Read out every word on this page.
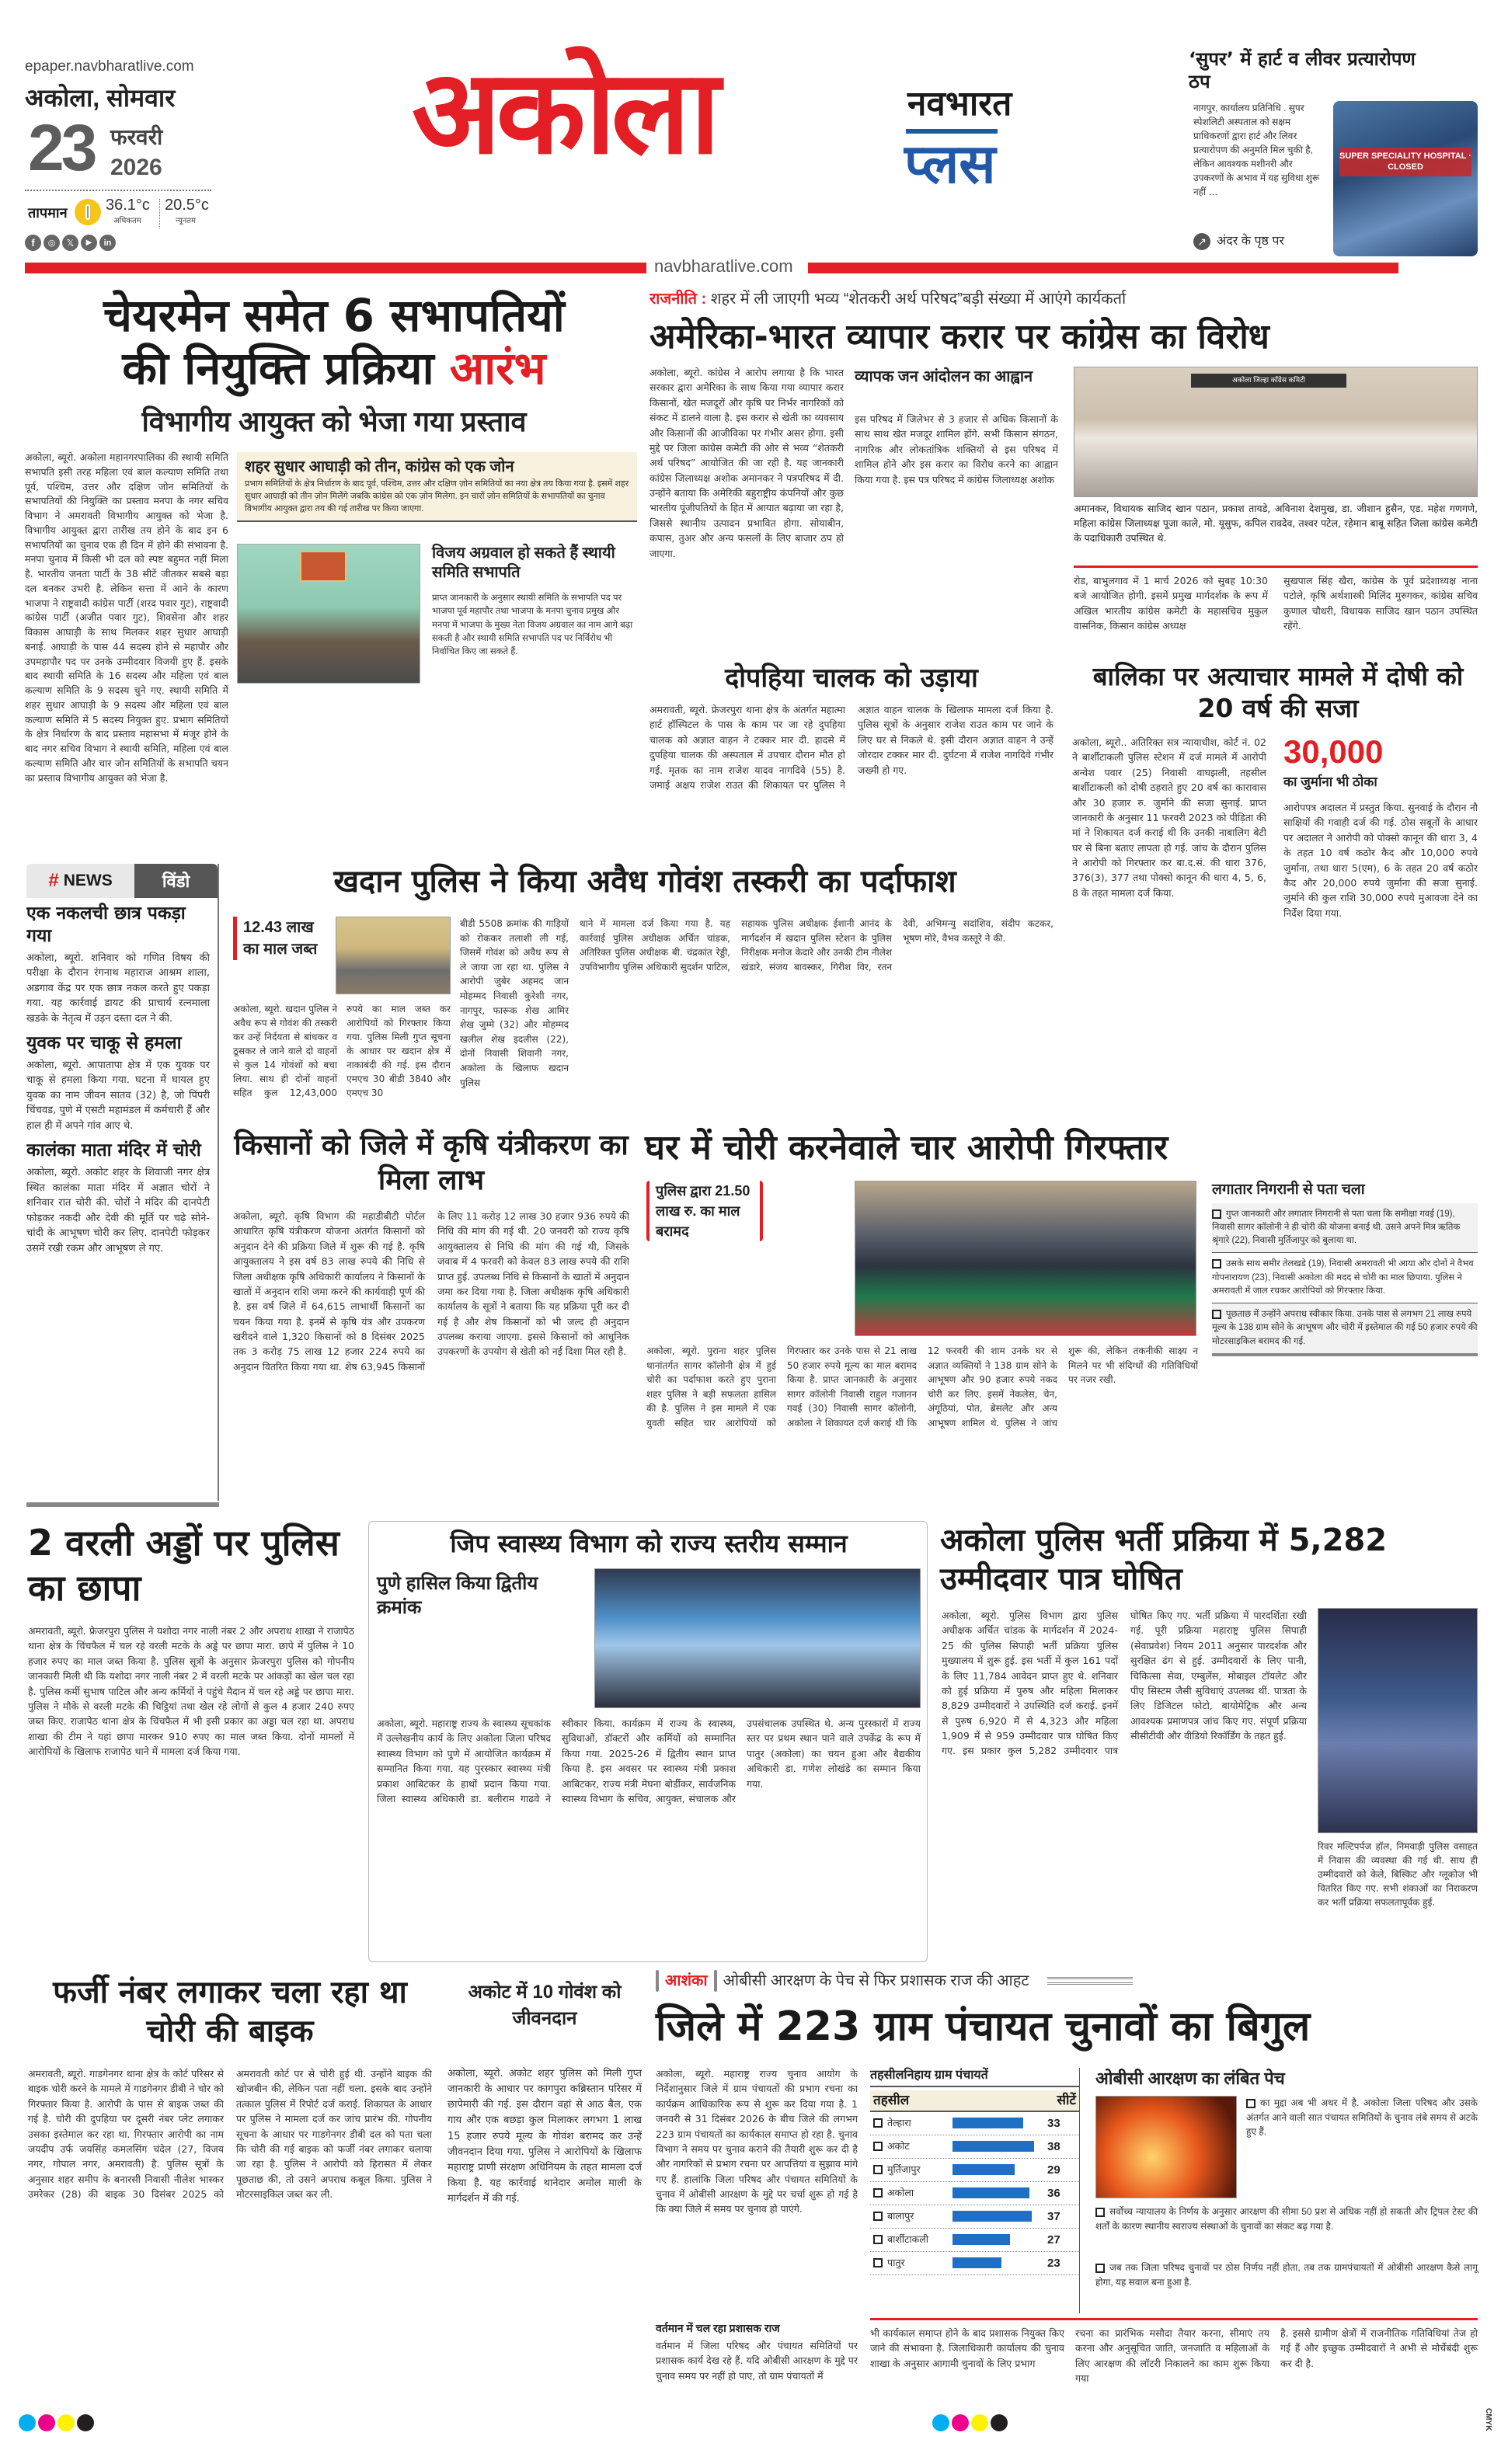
epaper.navbharatlive.com
अकोला, सोमवार
23 फरवरी
2026
तापमान 36.1°c
अधिकतम
20.5°c
न्यूनतम
f	◎	𝕏	▶	in
अकोला	नवभारत
प्लस
navbharatlive.com
‘सुपर’ में हार्ट व लीवर प्रत्यारोपण ठप
नागपुर, कार्यालय प्रतिनिधि . सुपर स्पेशलिटी अस्पताल को सक्षम प्राधिकरणों द्वारा हार्ट और लिवर प्रत्यारोपण की अनुमति मिल चुकी है, लेकिन आवश्यक मशीनरी और उपकरणों के अभाव में यह सुविधा शुरू नहीं …
↗ अंदर के पृष्ठ पर
SUPER SPECIALITY HOSPITAL · CLOSED
चेयरमेन समेत 6 सभापतियों
की नियुक्ति प्रक्रिया आरंभ
विभागीय आयुक्त को भेजा गया प्रस्ताव
अकोला, ब्यूरो. अकोला महानगरपालिका की स्थायी समिति सभापति इसी तरह महिला एवं बाल कल्याण समिति तथा पूर्व, पश्चिम, उत्तर और दक्षिण जोन समितियों के सभापतियों की नियुक्ति का प्रस्ताव मनपा के नगर सचिव विभाग ने अमरावती विभागीय आयुक्त को भेजा है. विभागीय आयुक्त द्वारा तारीख तय होने के बाद इन 6 सभापतियों का चुनाव एक ही दिन में होने की संभावना है. मनपा चुनाव में किसी भी दल को स्पष्ट बहुमत नहीं मिला है. भारतीय जनता पार्टी के 38 सीटें जीतकर सबसे बड़ा दल बनकर उभरी है. लेकिन सत्ता में आने के कारण भाजपा ने राष्ट्रवादी कांग्रेस पार्टी (शरद पवार गुट), राष्ट्रवादी कांग्रेस पार्टी (अजीत पवार गुट), शिवसेना और शहर विकास आघाड़ी के साथ मिलकर शहर सुधार आघाड़ी बनाई. आघाड़ी के पास 44 सदस्य होने से महापौर और उपमहापौर पद पर उनके उम्मीदवार विजयी हुए हैं. इसके बाद स्थायी समिति के 16 सदस्य और महिला एवं बाल कल्याण समिति के 9 सदस्य चुने गए. स्थायी समिति में शहर सुधार आघाड़ी के 9 सदस्य और महिला एवं बाल कल्याण समिति में 5 सदस्य नियुक्त हुए. प्रभाग समितियों के क्षेत्र निर्धारण के बाद प्रस्ताव महासभा में मंजूर होने के बाद नगर सचिव विभाग ने स्थायी समिति, महिला एवं बाल कल्याण समिति और चार जोन समितियों के सभापति चयन का प्रस्ताव विभागीय आयुक्त को भेजा है.
शहर सुधार आघाड़ी को तीन, कांग्रेस को एक जोन
प्रभाग समितियों के क्षेत्र निर्धारण के बाद पूर्व, पश्चिम, उत्तर और दक्षिण ज़ोन समितियों का नया क्षेत्र तय किया गया है. इसमें शहर सुधार आघाड़ी को तीन ज़ोन मिलेंगे जबकि कांग्रेस को एक ज़ोन मिलेगा. इन चारों ज़ोन समितियों के सभापतियों का चुनाव विभागीय आयुक्त द्वारा तय की गई तारीख पर किया जाएगा.
विजय अग्रवाल हो सकते हैं स्थायी समिति सभापति
प्राप्त जानकारी के अनुसार स्थायी समिति के सभापति पद पर भाजपा पूर्व महापौर तथा भाजपा के मनपा चुनाव प्रमुख और मनपा में भाजपा के मुख्य नेता विजय अग्रवाल का नाम आगे बढ़ा सकती है और स्थायी समिति सभापति पद पर निर्विरोध भी निर्वाचित किए जा सकते हैं.
राजनीति : शहर में ली जाएगी भव्य “शेतकरी अर्थ परिषद”बड़ी संख्या में आएंगे कार्यकर्ता
अमेरिका-भारत व्यापार करार पर कांग्रेस का विरोध
अकोला, ब्यूरो. कांग्रेस ने आरोप लगाया है कि भारत सरकार द्वारा अमेरिका के साथ किया गया व्यापार करार किसानों, खेत मजदूरों और कृषि पर निर्भर नागरिकों को संकट में डालने वाला है. इस करार से खेती का व्यवसाय और किसानों की आजीविका पर गंभीर असर होगा. इसी मुद्दे पर जिला कांग्रेस कमेटी की ओर से भव्य “शेतकरी अर्थ परिषद” आयोजित की जा रही है. यह जानकारी कांग्रेस जिलाध्यक्ष अशोक अमानकर ने पत्रपरिषद में दी. उन्होंने बताया कि अमेरिकी बहुराष्ट्रीय कंपनियों और कुछ भारतीय पूंजीपतियों के हित में आयात बढ़ाया जा रहा है, जिससे स्थानीय उत्पादन प्रभावित होगा. सोयाबीन, कपास, तुअर और अन्य फसलों के लिए बाजार ठप हो जाएगा.
व्यापक जन आंदोलन का आह्वान
इस परिषद में जिलेभर से 3 हजार से अधिक किसानों के साथ साथ खेत मजदूर शामिल होंगे. सभी किसान संगठन, नागरिक और लोकतांत्रिक शक्तियों से इस परिषद में शामिल होने और इस करार का विरोध करने का आह्वान किया गया है. इस पत्र परिषद में कांग्रेस जिलाध्यक्ष अशोक
अकोला जिल्हा काँग्रेस कमिटी
अमानकर, विधायक साजिद खान पठान, प्रकाश तायडे, अविनाश देशमुख, डा. जीशान हुसैन, एड. महेश गणगणे, महिला कांग्रेस जिलाध्यक्ष पूजा काले, मो. यूसुफ, कपिल रावदेव, तश्वर पटेल, रहेमान बाबू सहित जिला कांग्रेस कमेटी के पदाधिकारी उपस्थित थे.
रोड, बाभुलगाव में 1 मार्च 2026 को सुबह 10:30 बजे आयोजित होगी. इसमें प्रमुख मार्गदर्शक के रूप में अखिल भारतीय कांग्रेस कमेटी के महासचिव मुकुल वासनिक, किसान कांग्रेस अध्यक्ष
सुखपाल सिंह खैरा, कांग्रेस के पूर्व प्रदेशाध्यक्ष नाना पटोले, कृषि अर्थशास्त्री मिलिंद मुरुगकर, कांग्रेस सचिव कुणाल चौधरी, विधायक साजिद खान पठान उपस्थित रहेंगे.
दोपहिया चालक को उड़ाया
अमरावती, ब्यूरो. फ्रेजरपुरा थाना क्षेत्र के अंतर्गत महात्मा हार्ट हॉस्पिटल के पास के काम पर जा रहे दुपहिया चालक को अज्ञात वाहन ने टक्कर मार दी. हादसे में दुपहिया चालक की अस्पताल में उपचार दौरान मौत हो गई. मृतक का नाम राजेश यादव नागदिवे (55) है. जमाई अक्षय राजेश राउत की शिकायत पर पुलिस ने अज्ञात वाहन चालक के खिलाफ मामला दर्ज किया है. पुलिस सूत्रों के अनुसार राजेश राउत काम पर जाने के लिए घर से निकले थे. इसी दौरान अज्ञात वाहन ने उन्हें जोरदार टक्कर मार दी. दुर्घटना में राजेश नागदिवे गंभीर जख्मी हो गए.
बालिका पर अत्याचार मामले में दोषी को 20 वर्ष की सजा
अकोला, ब्यूरो.. अतिरिक्त सत्र न्यायाधीश, कोर्ट नं. 02 ने बार्शीटाकली पुलिस स्टेशन में दर्ज मामले में आरोपी अन्वेश पवार (25) निवासी वाघझली, तहसील बार्शीटाकली को दोषी ठहराते हुए 20 वर्ष का कारावास और 30 हजार रु. जुर्माने की सजा सुनाई. प्राप्त जानकारी के अनुसार 11 फरवरी 2023 को पीड़िता की मां ने शिकायत दर्ज कराई थी कि उनकी नाबालिग बेटी घर से बिना बताए लापता हो गई. जांच के दौरान पुलिस ने आरोपी को गिरफ्तार कर बा.द.सं. की धारा 376, 376(3), 377 तथा पोक्सो कानून की धारा 4, 5, 6, 8 के तहत मामला दर्ज किया.
30,000
का जुर्माना भी ठोका
आरोपपत्र अदालत में प्रस्तुत किया. सुनवाई के दौरान नौ साक्षियों की गवाही दर्ज की गई. ठोस सबूतों के आधार पर अदालत ने आरोपी को पोक्सो कानून की धारा 3, 4 के तहत 10 वर्ष कठोर कैद और 10,000 रुपये जुर्माना, तथा धारा 5(एम), 6 के तहत 20 वर्ष कठोर कैद और 20,000 रुपये जुर्माना की सजा सुनाई. जुर्माने की कुल राशि 30,000 रुपये मुआवजा देने का निर्देश दिया गया.
# NEWS	विंडो
एक नकलची छात्र पकड़ा गया
अकोला, ब्यूरो. शनिवार को गणित विषय की परीक्षा के दौरान रंगनाथ महाराज आश्रम शाला, अडगाव केंद्र पर एक छात्र नकल करते हुए पकड़ा गया. यह कार्रवाई डायट की प्राचार्य रत्नमाला खडके के नेतृत्व में उड़न दस्ता दल ने की.
युवक पर चाकू से हमला
अकोला, ब्यूरो. आपातापा क्षेत्र में एक युवक पर चाकू से हमला किया गया. घटना में घायल हुए युवक का नाम जीवन सातव (32) है, जो पिंपरी चिंचवड, पुणे में एसटी महामंडल में कर्मचारी हैं और हाल ही में अपने गांव आए थे.
कालंका माता मंदिर में चोरी
अकोला, ब्यूरो. अकोट शहर के शिवाजी नगर क्षेत्र स्थित कालंका माता मंदिर में अज्ञात चोरों ने शनिवार रात चोरी की. चोरों ने मंदिर की दानपेटी फोड़कर नकदी और देवी की मूर्ति पर चढ़े सोने-चांदी के आभूषण चोरी कर लिए. दानपेटी फोड़कर उसमें रखी रकम और आभूषण ले गए.
खदान पुलिस ने किया अवैध गोवंश तस्करी का पर्दाफाश
12.43 लाख का माल जब्त
अकोला, ब्यूरो. खदान पुलिस ने अवैध रूप से गोवंश की तस्करी कर उन्हें निर्दयता से बांधकर व ठूसकर ले जाने वाले दो वाहनों से कुल 14 गोवंशों को बचा लिया. साथ ही दोनों वाहनों सहित कुल 12,43,000 रुपये का माल जब्त कर आरोपियों को गिरफ्तार किया गया. पुलिस मिली गुप्त सूचना के आधार पर खदान क्षेत्र में नाकाबंदी की गई. इस दौरान एमएच 30 बीडी 3840 और एमएच 30
बीडी 5508 क्रमांक की गाड़ियों को रोककर तलाशी ली गई, जिसमें गोवंश को अवैध रूप से ले जाया जा रहा था. पुलिस ने आरोपी जुबेर अहमद जान मोहम्मद निवासी कुरेशी नगर, नागपुर, फारूक शेख आमिर शेख जुम्मे (32) और मोहम्मद खलील शेख इदलीस (22), दोनों निवासी शिवानी नगर, अकोला के खिलाफ खदान पुलिस
थाने में मामला दर्ज किया गया है. यह कार्रवाई पुलिस अधीक्षक अर्चित चांडक, अतिरिक्त पुलिस अधीक्षक बी. चंद्रकांत रेड्डी, उपविभागीय पुलिस अधिकारी सुदर्शन पाटिल, सहायक पुलिस अधीक्षक ईशानी आनंद के मार्गदर्शन में खदान पुलिस स्टेशन के पुलिस निरीक्षक मनोज केदारे और उनकी टीम नीलेश खंडारे, संजय बावस्कर, गिरीश विर, रतन देवी, अभिमन्यु सदांशिव, संदीप कटकर, भूषण मोरे, वैभव कस्तूरे ने की.
किसानों को जिले में कृषि यंत्रीकरण का मिला लाभ
अकोला, ब्यूरो. कृषि विभाग की महाडीबीटी पोर्टल आधारित कृषि यंत्रीकरण योजना अंतर्गत किसानों को अनुदान देने की प्रक्रिया जिले में शुरू की गई है. कृषि आयुक्तालय ने इस वर्ष 83 लाख रुपये की निधि से जिला अधीक्षक कृषि अधिकारी कार्यालय ने किसानों के खातों में अनुदान राशि जमा करने की कार्यवाही पूर्ण की है. इस वर्ष जिले में 64,615 लाभार्थी किसानों का चयन किया गया है. इनमें से कृषि यंत्र और उपकरण खरीदने वाले 1,320 किसानों को 8 दिसंबर 2025 तक 3 करोड़ 75 लाख 12 हजार 224 रुपये का अनुदान वितरित किया गया था. शेष 63,945 किसानों के लिए 11 करोड़ 12 लाख 30 हजार 936 रुपये की निधि की मांग की गई थी. 20 जनवरी को राज्य कृषि आयुक्तालय से निधि की मांग की गई थी, जिसके जवाब में 4 फरवरी को केवल 83 लाख रुपये की राशि प्राप्त हुई. उपलब्ध निधि से किसानों के खातों में अनुदान जमा कर दिया गया है. जिला अधीक्षक कृषि अधिकारी कार्यालय के सूत्रों ने बताया कि यह प्रक्रिया पूरी कर दी गई है और शेष किसानों को भी जल्द ही अनुदान उपलब्ध कराया जाएगा. इससे किसानों को आधुनिक उपकरणों के उपयोग से खेती को नई दिशा मिल रही है.
घर में चोरी करनेवाले चार आरोपी गिरफ्तार
पुलिस द्वारा 21.50 लाख रु. का माल बरामद
अकोला, ब्यूरो. पुराना शहर पुलिस थानांतर्गत सागर कॉलोनी क्षेत्र में हुई चोरी का पर्दाफाश करते हुए पुराना शहर पुलिस ने बड़ी सफलता हासिल की है. पुलिस ने इस मामले में एक युवती सहित चार आरोपियों को गिरफ्तार कर उनके पास से 21 लाख 50 हजार रुपये मूल्य का माल बरामद किया है. प्राप्त जानकारी के अनुसार सागर कॉलोनी निवासी राहुल गजानन गवई (30) निवासी सागर कॉलोनी, अकोला ने शिकायत दर्ज कराई थी कि 12 फरवरी की शाम उनके घर से अज्ञात व्यक्तियों ने 138 ग्राम सोने के आभूषण और 90 हजार रुपये नकद चोरी कर लिए. इसमें नेकलेस, चेन, अंगूठियां, पोत, ब्रेसलेट और अन्य आभूषण शामिल थे. पुलिस ने जांच शुरू की, लेकिन तकनीकी साक्ष्य न मिलने पर भी संदिग्धों की गतिविधियों पर नजर रखी.
लगातार निगरानी से पता चला
गुप्त जानकारी और लगातार निगरानी से पता चला कि समीक्षा गवई (19), निवासी सागर कॉलोनी ने ही चोरी की योजना बनाई थी. उसने अपने मित्र ऋतिक श्रृंगारे (22), निवासी मुर्तिजापुर को बुलाया था.
उसके साथ समीर तेलखडे (19), निवासी अमरावती भी आया और दोनों ने वैभव गोपनारायण (23), निवासी अकोला की मदद से चोरी का माल छिपाया. पुलिस ने अमरावती में जाल रचकर आरोपियों को गिरफ्तार किया.
पूछताछ में उन्होंने अपराध स्वीकार किया. उनके पास से लगभग 21 लाख रुपये मूल्य के 138 ग्राम सोने के आभूषण और चोरी में इस्तेमाल की गई 50 हजार रुपये की मोटरसाइकिल बरामद की गई.
2 वरली अड्डों पर पुलिस का छापा
अमरावती, ब्यूरो. फ्रेजरपुरा पुलिस ने यशोदा नगर नाली नंबर 2 और अपराध शाखा ने राजापेठ थाना क्षेत्र के चिंचफैल में चल रहे वरली मटके के अड्डे पर छापा मारा. छापे में पुलिस ने 10 हजार रुपए का माल जब्त किया है. पुलिस सूत्रों के अनुसार फ्रेजरपुरा पुलिस को गोपनीय जानकारी मिली थी कि यशोदा नगर नाली नंबर 2 में वरली मटके पर आंकड़ों का खेल चल रहा है. पुलिस कर्मी सुभाष पाटिल और अन्य कर्मियों ने पहुंचे मैदान में चल रहे अड्डे पर छापा मारा. पुलिस ने मौके से वरली मटके की चिट्ठियां तथा खेल रहे लोगों से कुल 4 हजार 240 रुपए जब्त किए. राजापेठ थाना क्षेत्र के चिंचफैल में भी इसी प्रकार का अड्डा चल रहा था. अपराध शाखा की टीम ने यहां छापा मारकर 910 रुपए का माल जब्त किया. दोनों मामलों में आरोपियों के खिलाफ राजापेठ थाने में मामला दर्ज किया गया.
जिप स्वास्थ्य विभाग को राज्य स्तरीय सम्मान
पुणे हासिल किया द्वितीय क्रमांक
अकोला, ब्यूरो. महाराष्ट्र राज्य के स्वास्थ्य सूचकांक में उल्लेखनीय कार्य के लिए अकोला जिला परिषद स्वास्थ्य विभाग को पुणे में आयोजित कार्यक्रम में सम्मानित किया गया. यह पुरस्कार स्वास्थ्य मंत्री प्रकाश आबिटकर के हाथों प्रदान किया गया. जिला स्वास्थ्य अधिकारी डा. बलीराम गाढवे ने स्वीकार किया. कार्यक्रम में राज्य के स्वास्थ्य, सुविधाओं, डॉक्टरों और कर्मियों को सम्मानित किया गया. 2025-26 में द्वितीय स्थान प्राप्त किया है. इस अवसर पर स्वास्थ्य मंत्री प्रकाश आबिटकर, राज्य मंत्री मेघना बोर्डीकर, सार्वजनिक स्वास्थ्य विभाग के सचिव, आयुक्त, संचालक और उपसंचालक उपस्थित थे. अन्य पुरस्कारों में राज्य स्तर पर प्रथम स्थान पाने वाले उपकेंद्र के रूप में पातुर (अकोला) का चयन हुआ और बैद्यकीय अधिकारी डा. गणेश लोखंडे का सम्मान किया गया.
अकोला पुलिस भर्ती प्रक्रिया में 5,282 उम्मीदवार पात्र घोषित
अकोला, ब्यूरो. पुलिस विभाग द्वारा पुलिस अधीक्षक अर्चित चांडक के मार्गदर्शन में 2024-25 की पुलिस सिपाही भर्ती प्रक्रिया पुलिस मुख्यालय में शुरू हुई. इस भर्ती में कुल 161 पदों के लिए 11,784 आवेदन प्राप्त हुए थे. शनिवार को हुई प्रक्रिया में पुरुष और महिला मिलाकर 8,829 उम्मीदवारों ने उपस्थिति दर्ज कराई. इनमें से पुरुष 6,920 में से 4,323 और महिला 1,909 में से 959 उम्मीदवार पात्र घोषित किए गए. इस प्रकार कुल 5,282 उम्मीदवार पात्र घोषित किए गए. भर्ती प्रक्रिया में पारदर्शिता रखी गई. पूरी प्रक्रिया महाराष्ट्र पुलिस सिपाही (सेवाप्रवेश) नियम 2011 अनुसार पारदर्शक और सुरक्षित ढंग से हुई. उम्मीदवारों के लिए पानी, चिकित्सा सेवा, एम्बुलेंस, मोबाइल टॉयलेट और पीए सिस्टम जैसी सुविधाएं उपलब्ध थीं. पात्रता के लिए डिजिटल फोटो, बायोमेट्रिक और अन्य आवश्यक प्रमाणपत्र जांच किए गए. संपूर्ण प्रक्रिया सीसीटीवी और वीडियो रिकॉर्डिंग के तहत हुई.
रिवर मल्टिपर्पज हॉल, निमवाड़ी पुलिस वसाहत में निवास की व्यवस्था की गई थी. साथ ही उम्मीदवारों को केले, बिस्किट और ग्लूकोज भी वितरित किए गए. सभी शंकाओं का निराकरण कर भर्ती प्रक्रिया सफलतापूर्वक हुई.
फर्जी नंबर लगाकर चला रहा था चोरी की बाइक
अमरावती, ब्यूरो. गाडगेनगर थाना क्षेत्र के कोर्ट परिसर से बाइक चोरी करने के मामले में गाडगेनगर डीबी ने चोर को गिरफ्तार किया है. आरोपी के पास से बाइक जब्त की गई है. चोरी की दुपहिया पर दूसरी नंबर प्लेट लगाकर उसका इस्तेमाल कर रहा था. गिरफ्तार आरोपी का नाम जयदीप उर्फ जयसिंह कमलसिंग चंदेल (27, विजय नगर, गोपाल नगर, अमरावती) है. पुलिस सूत्रों के अनुसार शहर समीप के बनारसी निवासी नीलेश भास्कर उमरेकर (28) की बाइक 30 दिसंबर 2025 को अमरावती कोर्ट पर से चोरी हुई थी. उन्होंने बाइक की खोजबीन की, लेकिन पता नहीं चला. इसके बाद उन्होंने तत्काल पुलिस में रिपोर्ट दर्ज कराई. शिकायत के आधार पर पुलिस ने मामला दर्ज कर जांच प्रारंभ की. गोपनीय सूचना के आधार पर गाडगेनगर डीबी दल को पता चला कि चोरी की गई बाइक को फर्जी नंबर लगाकर चलाया जा रहा है. पुलिस ने आरोपी को हिरासत में लेकर पूछताछ की, तो उसने अपराध कबूल किया. पुलिस ने मोटरसाइकिल जब्त कर ली.
अकोट में 10 गोवंश को जीवनदान
अकोला, ब्यूरो. अकोट शहर पुलिस को मिली गुप्त जानकारी के आधार पर कागपुरा कब्रिस्तान परिसर में छापेमारी की गई. इस दौरान वहां से आठ बैल, एक गाय और एक बछड़ा कुल मिलाकर लगभग 1 लाख 15 हजार रुपये मूल्य के गोवंश बरामद कर उन्हें जीवनदान दिया गया. पुलिस ने आरोपियों के खिलाफ महाराष्ट्र प्राणी संरक्षण अधिनियम के तहत मामला दर्ज किया है. यह कार्रवाई थानेदार अमोल माली के मार्गदर्शन में की गई.
आशंका ओबीसी आरक्षण के पेच से फिर प्रशासक राज की आहट
जिले में 223 ग्राम पंचायत चुनावों का बिगुल
अकोला, ब्यूरो. महाराष्ट्र राज्य चुनाव आयोग के निर्देशानुसार जिले में ग्राम पंचायतों की प्रभाग रचना का कार्यक्रम आधिकारिक रूप से शुरू कर दिया गया है. 1 जनवरी से 31 दिसंबर 2026 के बीच जिले की लगभग 223 ग्राम पंचायतों का कार्यकाल समाप्त हो रहा है. चुनाव विभाग ने समय पर चुनाव कराने की तैयारी शुरू कर दी है और नागरिकों से प्रभाग रचना पर आपत्तियां व सुझाव मांगे गए हैं. हालांकि जिला परिषद और पंचायत समितियों के चुनाव में ओबीसी आरक्षण के मुद्दे पर चर्चा शुरू हो गई है कि क्या जिले में समय पर चुनाव हो पाएंगे.
वर्तमान में चल रहा प्रशासक राज
वर्तमान में जिला परिषद और पंचायत समितियों पर प्रशासक कार्य देख रहे हैं. यदि ओबीसी आरक्षण के मुद्दे पर चुनाव समय पर नहीं हो पाए, तो ग्राम पंचायतों में
तहसीलनिहाय ग्राम पंचायतें
तहसील	सीटें
तेल्हारा	33
अकोट	38
मुर्तिजापुर	29
अकोला	36
बालापुर	37
बार्शीटाकली	27
पातुर	23
ओबीसी आरक्षण का लंबित पेच
का मुद्दा अब भी अधर में है. अकोला जिला परिषद और उसके अंतर्गत आने वाली सात पंचायत समितियों के चुनाव लंबे समय से अटके हुए हैं.
सर्वोच्च न्यायालय के निर्णय के अनुसार आरक्षण की सीमा 50 प्रश से अधिक नहीं हो सकती और ट्रिपल टेस्ट की शर्तों के कारण स्थानीय स्वराज्य संस्थाओं के चुनावों का संकट बढ़ गया है.
जब तक जिला परिषद चुनावों पर ठोस निर्णय नहीं होता, तब तक ग्रामपंचायतों में ओबीसी आरक्षण कैसे लागू होगा, यह सवाल बना हुआ है.
भी कार्यकाल समाप्त होने के बाद प्रशासक नियुक्त किए जाने की संभावना है. जिलाधिकारी कार्यालय की चुनाव शाखा के अनुसार आगामी चुनावों के लिए प्रभाग
रचना का प्रारंभिक मसौदा तैयार करना, सीमाएं तय करना और अनुसूचित जाति, जनजाति व महिलाओं के लिए आरक्षण की लॉटरी निकालने का काम शुरू किया गया
है. इससे ग्रामीण क्षेत्रों में राजनीतिक गतिविधियां तेज हो गई हैं और इच्छुक उम्मीदवारों ने अभी से मोर्चेबंदी शुरू कर दी है.
CMYK
